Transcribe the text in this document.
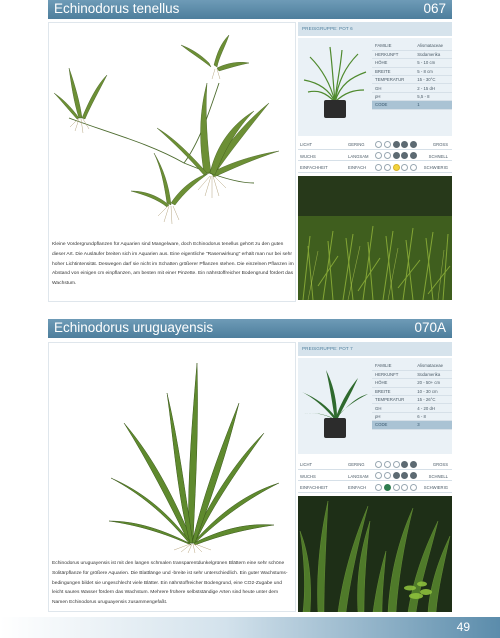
Echinodorus tenellus	067
Kleine Vordergrundpflanzen für Aquarien sind Mangelware, doch Echinodorus tenellus gehört zu den guten dieser Art. Die Ausläufer breiten sich im Aquarien aus. Eine eigentliche "Rasenwirkung" erhält man nur bei sehr hoher Lichtintensität. Deswegen darf sie nicht im Schatten größerer Pflanzen stehen. Die einzelnen Pflanzen im Abstand von einigen cm einpflanzen, am besten mit einer Pinzette. Ein nährstoffreicher Bodengrund fördert das Wachstum.
PREISGRUPPE: POT 6
FAMILIE	Alismataceae
HERKUNFT	Südamerika
HÖHE	5 - 10 cm
BREITE	5 - 8 cm
TEMPERATUR	15 - 30°C
GH	2 - 15 dH
pH	5,5 - 8
CODE	1
LICHT	GERING	GROSS
WUCHS	LANGSAM	SCHNELL
EINFACHHEIT	EINFACH	SCHWIERIG
Echinodorus uruguayensis	070A
Echinodorus uruguayensis ist mit den langen schmalen transparentdunkelgrünen Blättern eine sehr schöne Solitärpflanze für größere Aquarien. Die Blattlänge und -breite ist sehr unterschiedlich. Ein guter Wachstums-bedingungen bildet sie ungeschlecht viele Blätter. Ein nährstoffreicher Bodengrund, eine CO2-Zugabe und leicht saures Wasser fördern das Wachstum. Mehrere frühere selbstständige Arten sind heute unter dem Namen Echinodorus uruguayensis zusammengefaßt.
PREISGRUPPE: POT 7
FAMILIE	Alismataceae
HERKUNFT	Südamerika
HÖHE	20 - 50+ cm
BREITE	10 - 30 cm
TEMPERATUR	15 - 26°C
GH	4 - 20 dH
pH	6 - 8
CODE	3
LICHT	GERING	GROSS
WUCHS	LANGSAM	SCHNELL
EINFACHHEIT	EINFACH	SCHWIERIG
49
